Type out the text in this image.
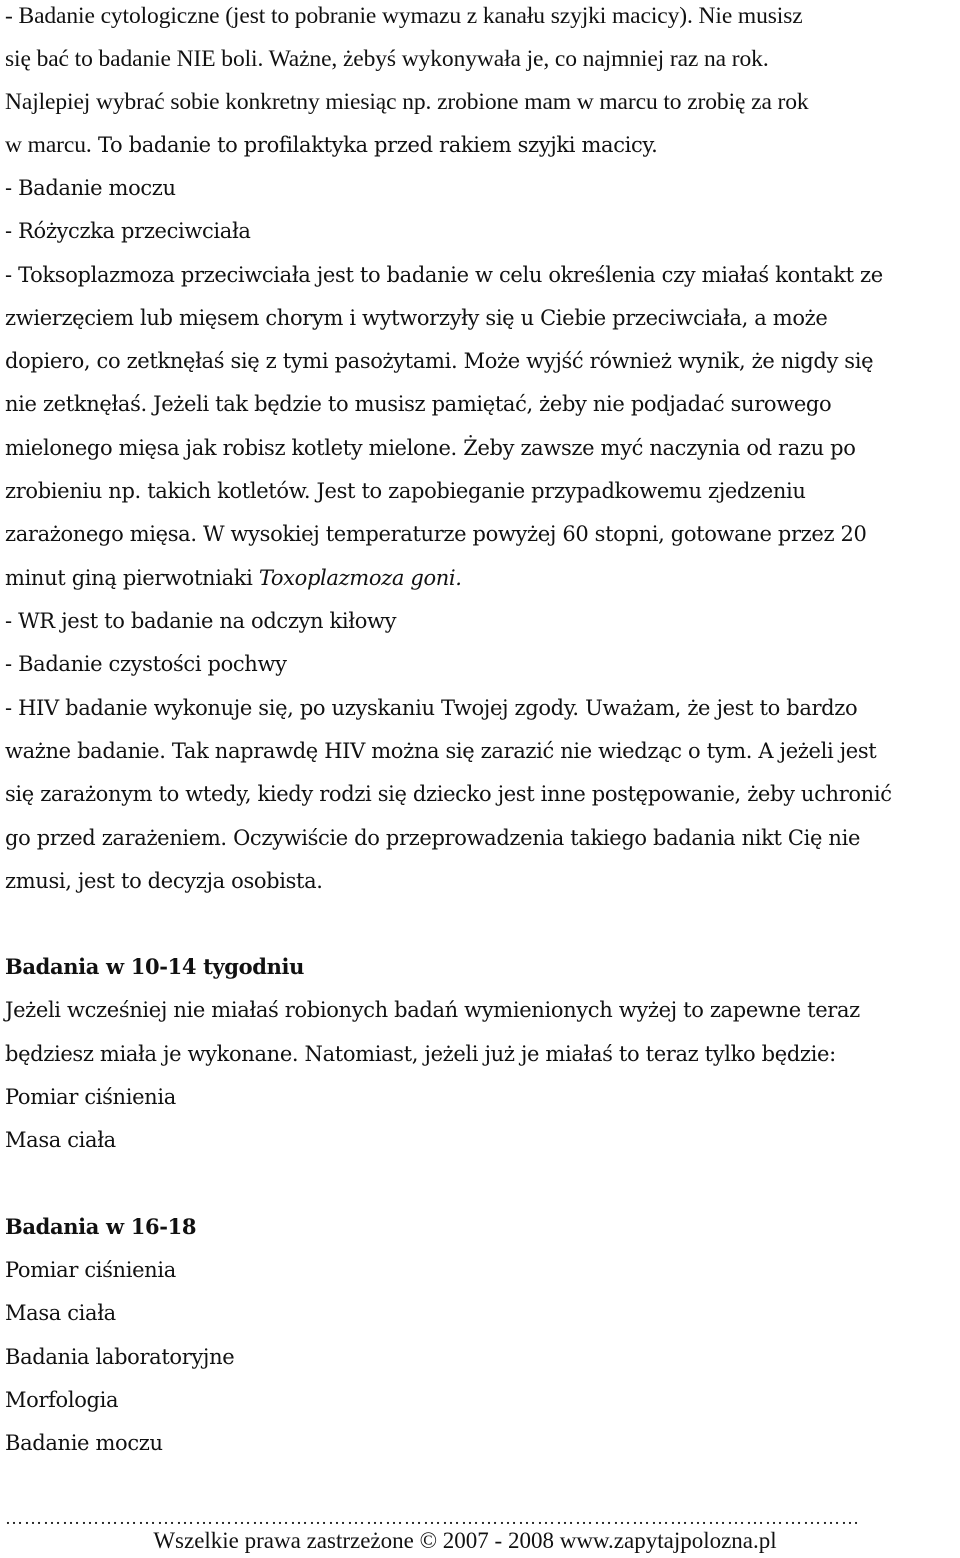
- Badanie cytologiczne (jest to pobranie wymazu z kanału szyjki macicy). Nie musisz
się bać to badanie NIE boli. Ważne, żebyś wykonywała je, co najmniej raz na rok.
Najlepiej wybrać sobie konkretny miesiąc np. zrobione mam w marcu to zrobię za rok
w marcu. To badanie to profilaktyka przed rakiem szyjki macicy.
- Badanie moczu
- Różyczka przeciwciała
- Toksoplazmoza przeciwciała jest to badanie w celu określenia czy miałaś kontakt ze
zwierzęciem lub mięsem chorym i wytworzyły się u Ciebie przeciwciała, a może
dopiero, co zetknęłaś się z tymi pasożytami. Może wyjść również wynik, że nigdy się
nie zetknęłaś. Jeżeli tak będzie to musisz pamiętać, żeby nie podjadać surowego
mielonego mięsa jak robisz kotlety mielone. Żeby zawsze myć naczynia od razu po
zrobieniu np. takich kotletów. Jest to zapobieganie przypadkowemu zjedzeniu
zarażonego mięsa. W wysokiej temperaturze powyżej 60 stopni, gotowane przez 20
minut giną pierwotniaki Toxoplazmoza goni.
- WR jest to badanie na odczyn kiłowy
- Badanie czystości pochwy
- HIV badanie wykonuje się, po uzyskaniu Twojej zgody. Uważam, że jest to bardzo
ważne badanie. Tak naprawdę HIV można się zarazić nie wiedząc o tym. A jeżeli jest
się zarażonym to wtedy, kiedy rodzi się dziecko jest inne postępowanie, żeby uchronić
go przed zarażeniem. Oczywiście do przeprowadzenia takiego badania nikt Cię nie
zmusi, jest to decyzja osobista.
Badania w 10-14 tygodniu
Jeżeli wcześniej nie miałaś robionych badań wymienionych wyżej to zapewne teraz
będziesz miała je wykonane. Natomiast, jeżeli już je miałaś to teraz tylko będzie:
Pomiar ciśnienia
Masa ciała
Badania w 16-18
Pomiar ciśnienia
Masa ciała
Badania laboratoryjne
Morfologia
Badanie moczu
………………………………………………………………………………………………………………………
Wszelkie prawa zastrzeżone © 2007 - 2008 www.zapytajpolozna.pl
